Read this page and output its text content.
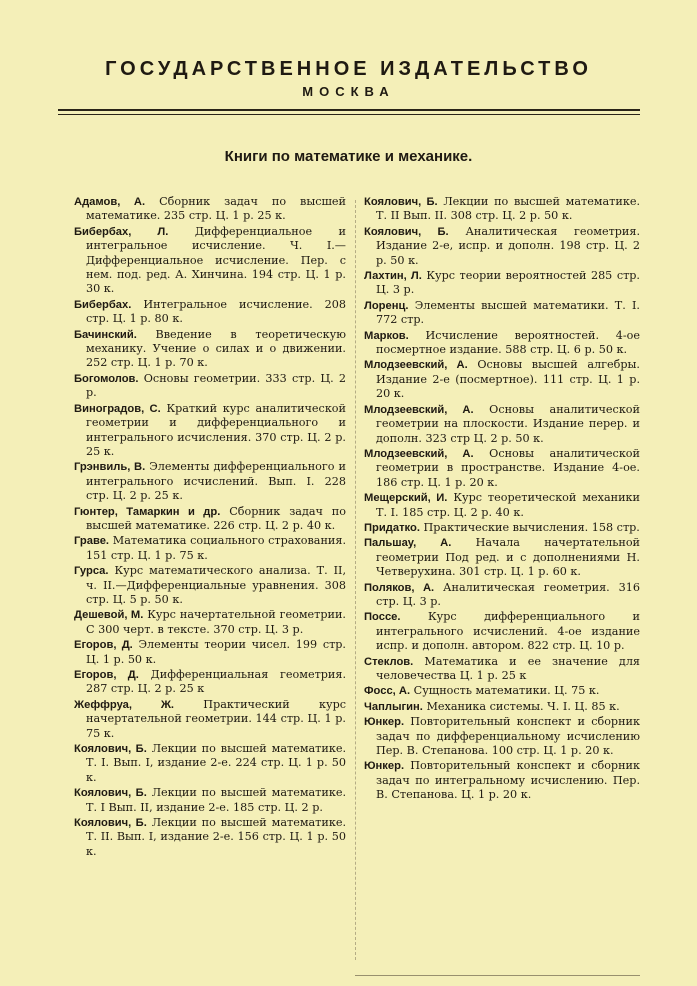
ГОСУДАРСТВЕННОЕ ИЗДАТЕЛЬСТВО
МОСКВА
Книги по математике и механике.

Адамов, А. Сборник задач по высшей математике. 235 стр. Ц. 1 р. 25 к.

Бибербах, Л. Дифференциальное и интегральное исчисление. Ч. I.—Дифференциальное исчисление. Пер. с нем. под. ред. А. Хинчина. 194 стр. Ц. 1 р. 30 к.

Бибербах. Интегральное исчисление. 208 стр. Ц. 1 р. 80 к.

Бачинский. Введение в теоретическую механику. Учение о силах и о движении. 252 стр. Ц. 1 р. 70 к.

Богомолов. Основы геометрии. 333 стр. Ц. 2 р.

Виноградов, С. Краткий курс аналитической геометрии и дифференциального и интегрального исчисления. 370 стр. Ц. 2 р. 25 к.

Грэнвиль, В. Элементы дифференциального и интегрального исчислений. Вып. I. 228 стр. Ц. 2 р. 25 к.

Гюнтер, Тамаркин и др. Сборник задач по высшей математике. 226 стр. Ц. 2 р. 40 к.

Граве. Математика социального страхования. 151 стр. Ц. 1 р. 75 к.

Гурса. Курс математического анализа. Т. II, ч. II.—Дифференциальные уравнения. 308 стр. Ц. 5 р. 50 к.

Дешевой, М. Курс начертательной геометрии. С 300 черт. в тексте. 370 стр. Ц. 3 р.

Егоров, Д. Элементы теории чисел. 199 стр. Ц. 1 р. 50 к.

Егоров, Д. Дифференциальная геометрия. 287 стр. Ц. 2 р. 25 к

Жеффруа, Ж. Практический курс начертательной геометрии. 144 стр. Ц. 1 р. 75 к.

Коялович, Б. Лекции по высшей математике. Т. I. Вып. I, издание 2-е. 224 стр. Ц. 1 р. 50 к.

Коялович, Б. Лекции по высшей математике. Т. I Вып. II, издание 2-е. 185 стр. Ц. 2 р.

Коялович, Б. Лекции по высшей математике. Т. II. Вып. I, издание 2-е. 156 стр. Ц. 1 р. 50 к.

Коялович, Б. Лекции по высшей математике. Т. II Вып. II. 308 стр. Ц. 2 р. 50 к.

Коялович, Б. Аналитическая геометрия. Издание 2-е, испр. и дополн. 198 стр. Ц. 2 р. 50 к.

Лахтин, Л. Курс теории вероятностей 285 стр. Ц. 3 р.

Лоренц. Элементы высшей математики. Т. I. 772 стр.

Марков. Исчисление вероятностей. 4-ое посмертное издание. 588 стр. Ц. 6 р. 50 к.

Млодзеевский, А. Основы высшей алгебры. Издание 2-е (посмертное). 111 стр. Ц. 1 р. 20 к.

Млодзеевский, А. Основы аналитической геометрии на плоскости. Издание перер. и дополн. 323 стр Ц. 2 р. 50 к.

Млодзеевский, А. Основы аналитической геометрии в пространстве. Издание 4-ое. 186 стр. Ц. 1 р. 20 к.

Мещерский, И. Курс теоретической механики Т. I. 185 стр. Ц. 2 р. 40 к.

Придатко. Практические вычисления. 158 стр.

Пальшау, А. Начала начертательной геометрии Под ред. и с дополнениями Н. Четверухина. 301 стр. Ц. 1 р. 60 к.

Поляков, А. Аналитическая геометрия. 316 стр. Ц. 3 р.

Поссе. Курс дифференциального и интегрального исчислений. 4-ое издание испр. и дополн. автором. 822 стр. Ц. 10 р.

Стеклов. Математика и ее значение для человечества Ц. 1 р. 25 к

Фосс, А. Сущность математики. Ц. 75 к.

Чаплыгин. Механика системы. Ч. I. Ц. 85 к.

Юнкер. Повторительный конспект и сборник задач по дифференциальному исчислению Пер. В. Степанова. 100 стр. Ц. 1 р. 20 к.

Юнкер. Повторительный конспект и сборник задач по интегральному исчислению. Пер. В. Степанова. Ц. 1 р. 20 к.
